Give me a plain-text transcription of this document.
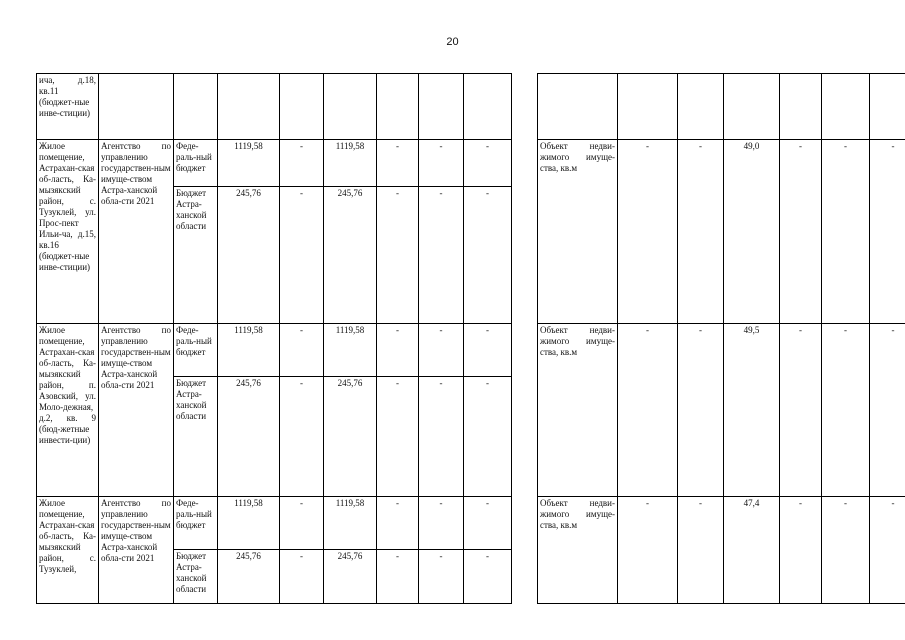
20
ича, д.18, кв.11 (бюджет-ные инве-стиции)																
Жилое помещение, Астрахан-ская об-ласть, Ка-мызякский район, с. Тузуклей, ул. Прос-пект Ильи-ча, д.15, кв.16 (бюджет-ные инве-стиции)	Агентство по управлению государствен-ным имуще-ством Астра-ханской обла-сти 2021	Феде-раль-ный бюджет	1119,58	-	1119,58	-	-	-		Объект недви-жимого имуще-ства, кв.м	-	-	49,0	-	-	-
		Бюджет Астра-ханской области	245,76	-	245,76	-	-	-								
Жилое помещение, Астрахан-ская об-ласть, Ка-мызякский район, п. Азовский, ул. Моло-дежная, д.2, кв. 9 (бюд-жетные инвести-ции)	Агентство по управлению государствен-ным имуще-ством Астра-ханской обла-сти 2021	Феде-раль-ный бюджет	1119,58	-	1119,58	-	-	-		Объект недви-жимого имуще-ства, кв.м	-	-	49,5	-	-	-
		Бюджет Астра-ханской области	245,76	-	245,76	-	-	-								
Жилое помещение, Астрахан-ская об-ласть, Ка-мызякский район, с. Тузуклей,	Агентство по управлению государствен-ным имуще-ством Астра-ханской обла-сти 2021	Феде-раль-ный бюджет	1119,58	-	1119,58	-	-	-		Объект недви-жимого имуще-ства, кв.м	-	-	47,4	-	-	-
		Бюджет Астра-ханской области	245,76	-	245,76	-	-	-								
